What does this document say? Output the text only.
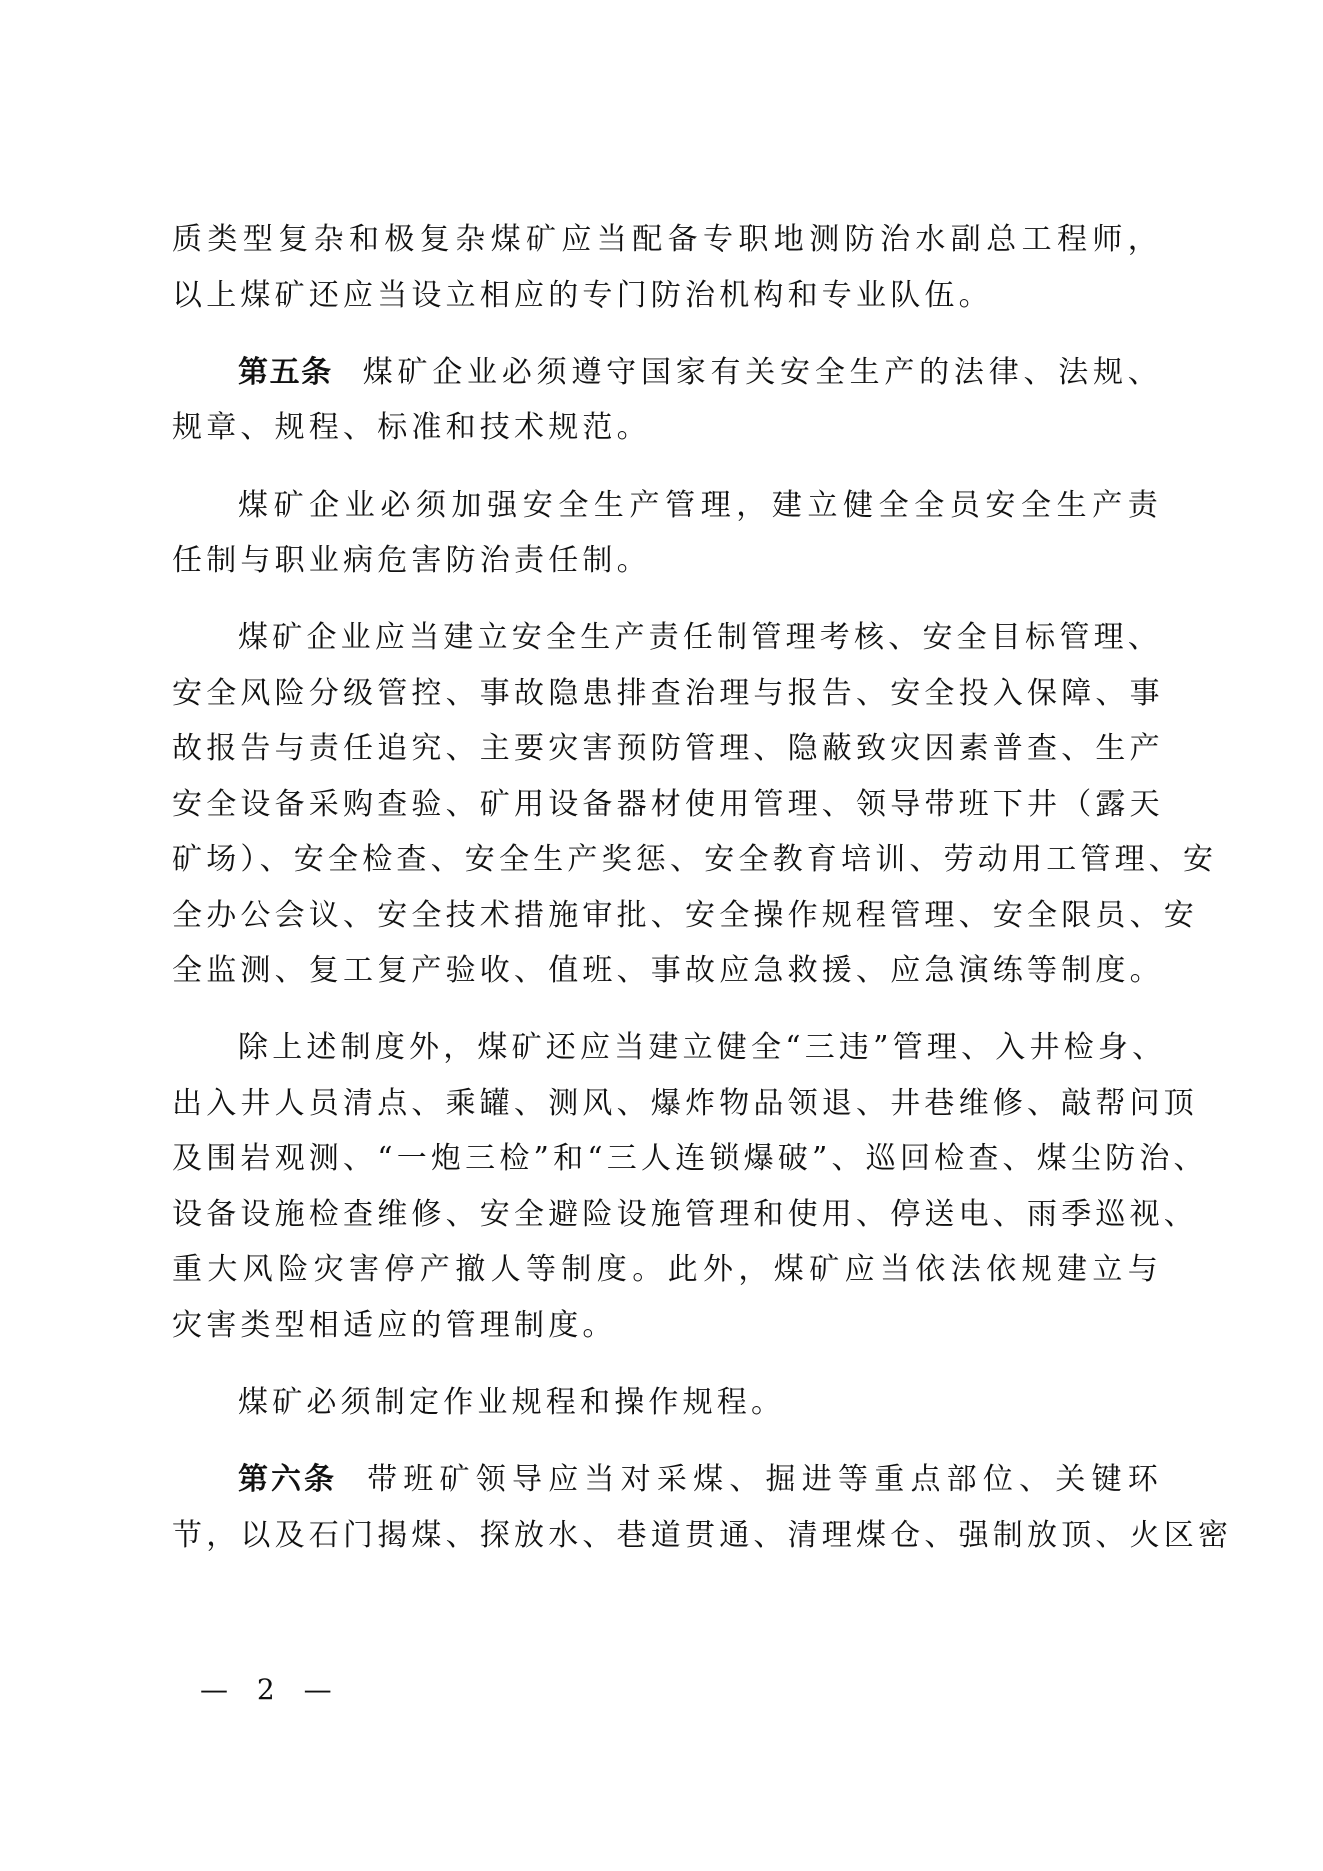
质类型复杂和极复杂煤矿应当配备专职地测防治水副总工程师，
以上煤矿还应当设立相应的专门防治机构和专业队伍。
第五条 煤矿企业必须遵守国家有关安全生产的法律、法规、
规章、规程、标准和技术规范。
煤矿企业必须加强安全生产管理，建立健全全员安全生产责
任制与职业病危害防治责任制。
煤矿企业应当建立安全生产责任制管理考核、安全目标管理、
安全风险分级管控、事故隐患排查治理与报告、安全投入保障、事
故报告与责任追究、主要灾害预防管理、隐蔽致灾因素普查、生产
安全设备采购查验、矿用设备器材使用管理、领导带班下井（露天
矿场）、安全检查、安全生产奖惩、安全教育培训、劳动用工管理、安
全办公会议、安全技术措施审批、安全操作规程管理、安全限员、安
全监测、复工复产验收、值班、事故应急救援、应急演练等制度。
除上述制度外，煤矿还应当建立健全“三违”管理、入井检身、
出入井人员清点、乘罐、测风、爆炸物品领退、井巷维修、敲帮问顶
及围岩观测、“一炮三检”和“三人连锁爆破”、巡回检查、煤尘防治、
设备设施检查维修、安全避险设施管理和使用、停送电、雨季巡视、
重大风险灾害停产撤人等制度。此外，煤矿应当依法依规建立与
灾害类型相适应的管理制度。
煤矿必须制定作业规程和操作规程。
第六条 带班矿领导应当对采煤、掘进等重点部位、关键环
节，以及石门揭煤、探放水、巷道贯通、清理煤仓、强制放顶、火区密
— 2 —
